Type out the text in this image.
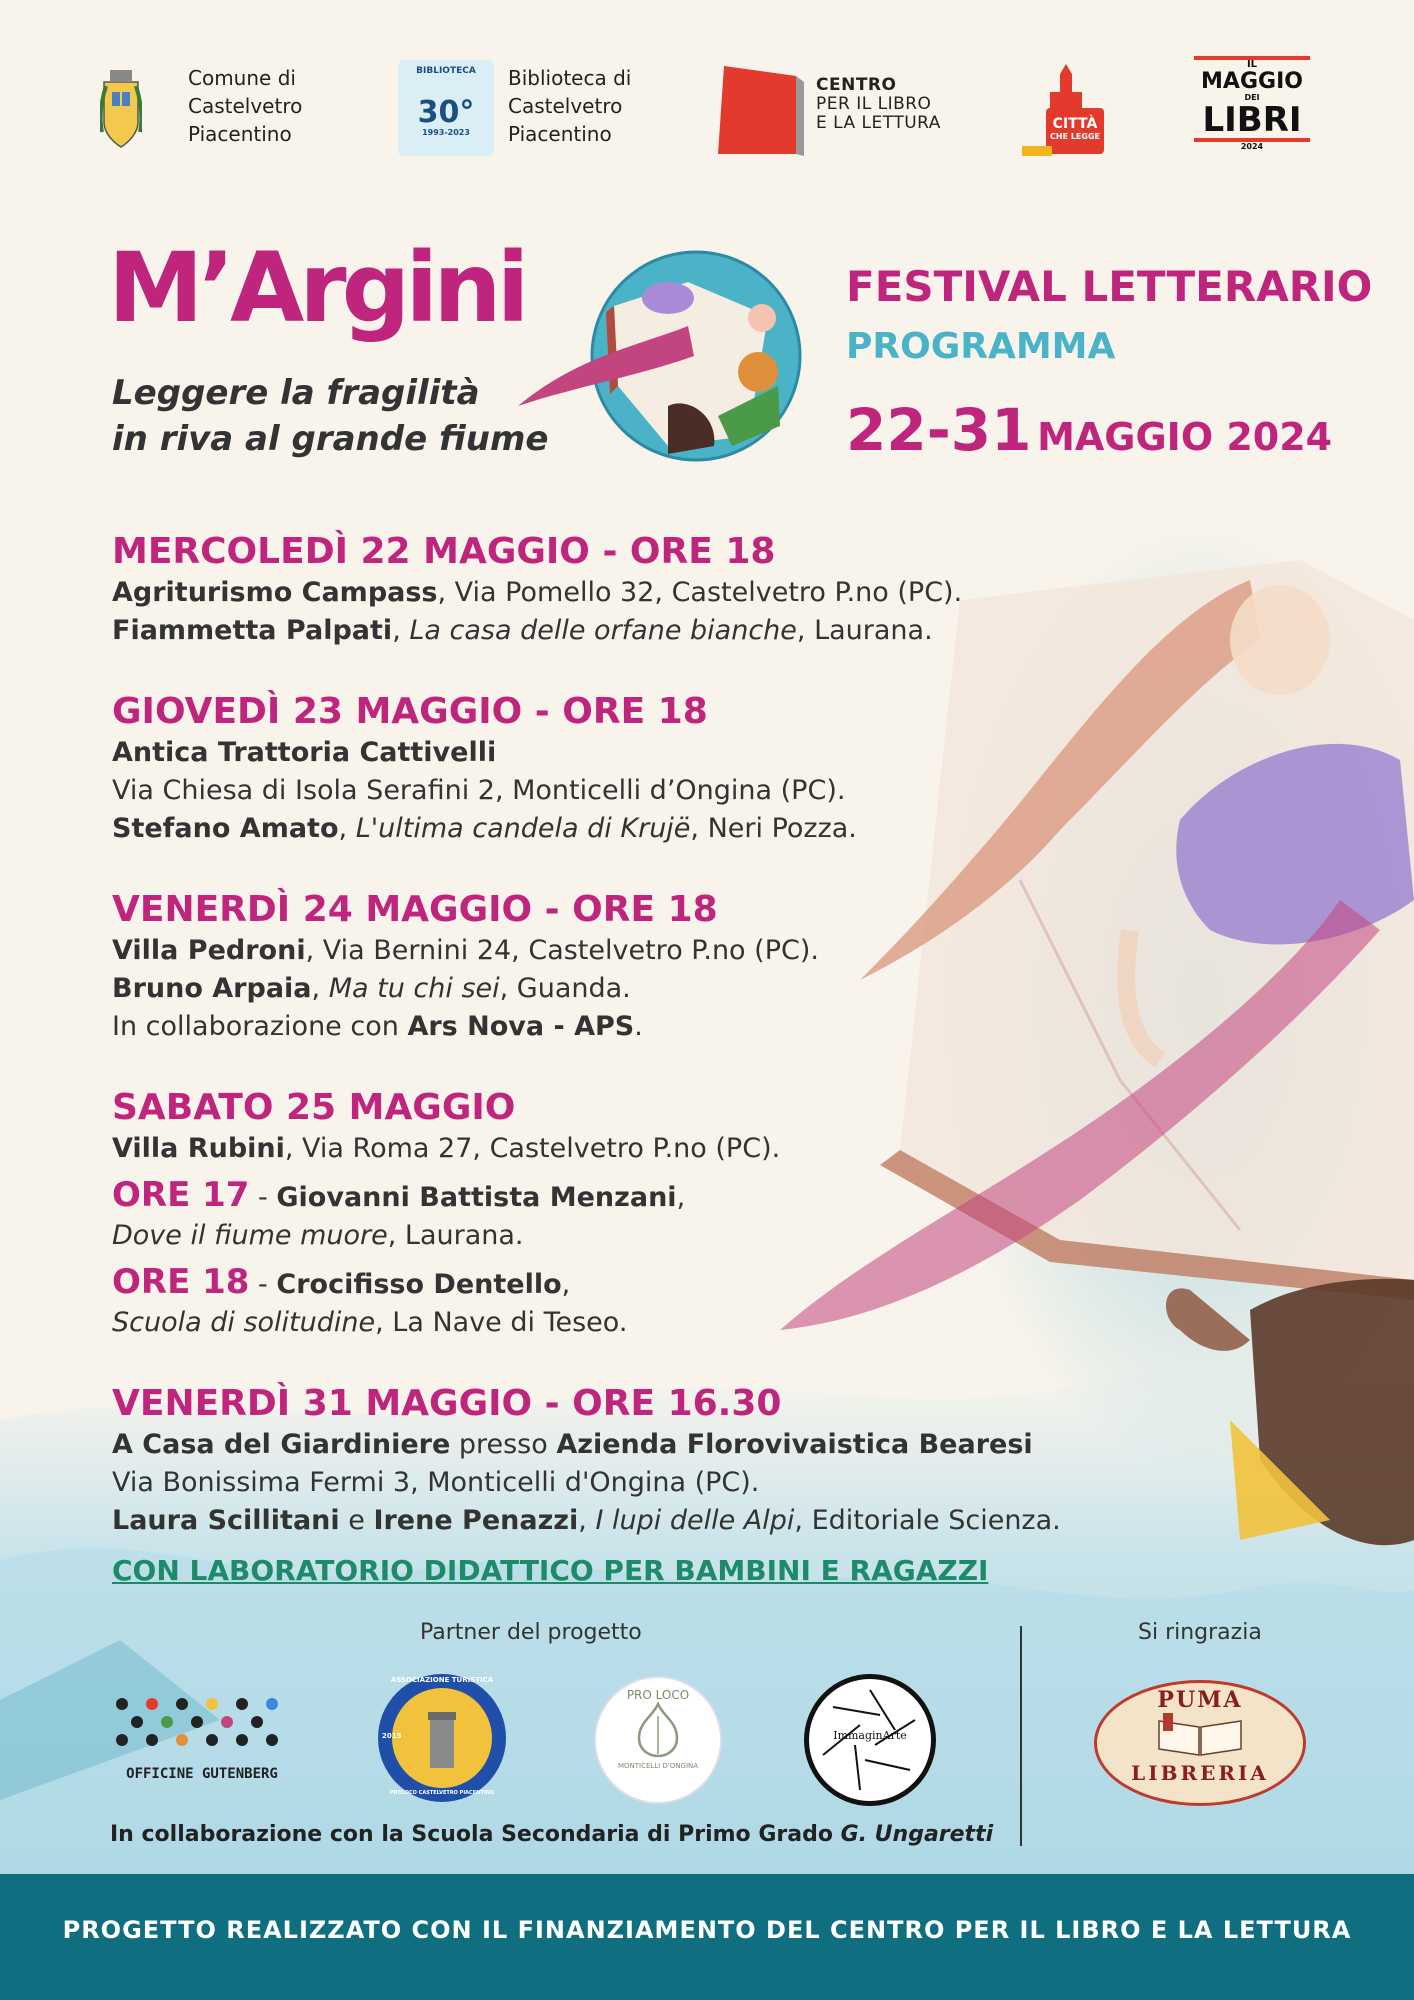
Comune di
Castelvetro
Piacentino
BIBLIOTECA
30°
1993-2023
Biblioteca di
Castelvetro
Piacentino
CENTRO
PER IL LIBRO
E LA LETTURA	CITTÀ
CHE LEGGE
IL
MAGGIO
DEI
LIBRI
2024
M’Argini
Leggere la fragilità
in riva al grande fiume
FESTIVAL LETTERARIO
PROGRAMMA
22-31 MAGGIO 2024
MERCOLEDÌ 22 MAGGIO - ORE 18
Agriturismo Campass, Via Pomello 32, Castelvetro P.no (PC).
Fiammetta Palpati, La casa delle orfane bianche, Laurana.
GIOVEDÌ 23 MAGGIO - ORE 18
Antica Trattoria Cattivelli
Via Chiesa di Isola Serafini 2, Monticelli d’Ongina (PC).
Stefano Amato, L'ultima candela di Krujë, Neri Pozza.
VENERDÌ 24 MAGGIO - ORE 18
Villa Pedroni, Via Bernini 24, Castelvetro P.no (PC).
Bruno Arpaia, Ma tu chi sei, Guanda.
In collaborazione con Ars Nova - APS.
SABATO 25 MAGGIO
Villa Rubini, Via Roma 27, Castelvetro P.no (PC).
ORE 17 - Giovanni Battista Menzani,
Dove il fiume muore, Laurana.
ORE 18 - Crocifisso Dentello,
Scuola di solitudine, La Nave di Teseo.
VENERDÌ 31 MAGGIO - ORE 16.30
A Casa del Giardiniere presso Azienda Florovivaistica Bearesi
Via Bonissima Fermi 3, Monticelli d'Ongina (PC).
Laura Scillitani e Irene Penazzi, I lupi delle Alpi, Editoriale Scienza.
CON LABORATORIO DIDATTICO PER BAMBINI E RAGAZZI
Partner del progetto	Si ringrazia
OFFICINE GUTENBERG
ASSOCIAZIONE TURISTICA
2015
PROLOCO CASTELVETRO PIACENTINO
PRO LOCO
MONTICELLI D'ONGINA
ImmaginArte
PUMA
LIBRERIA
In collaborazione con la Scuola Secondaria di Primo Grado G. Ungaretti
PROGETTO REALIZZATO CON IL FINANZIAMENTO DEL CENTRO PER IL LIBRO E LA LETTURA
